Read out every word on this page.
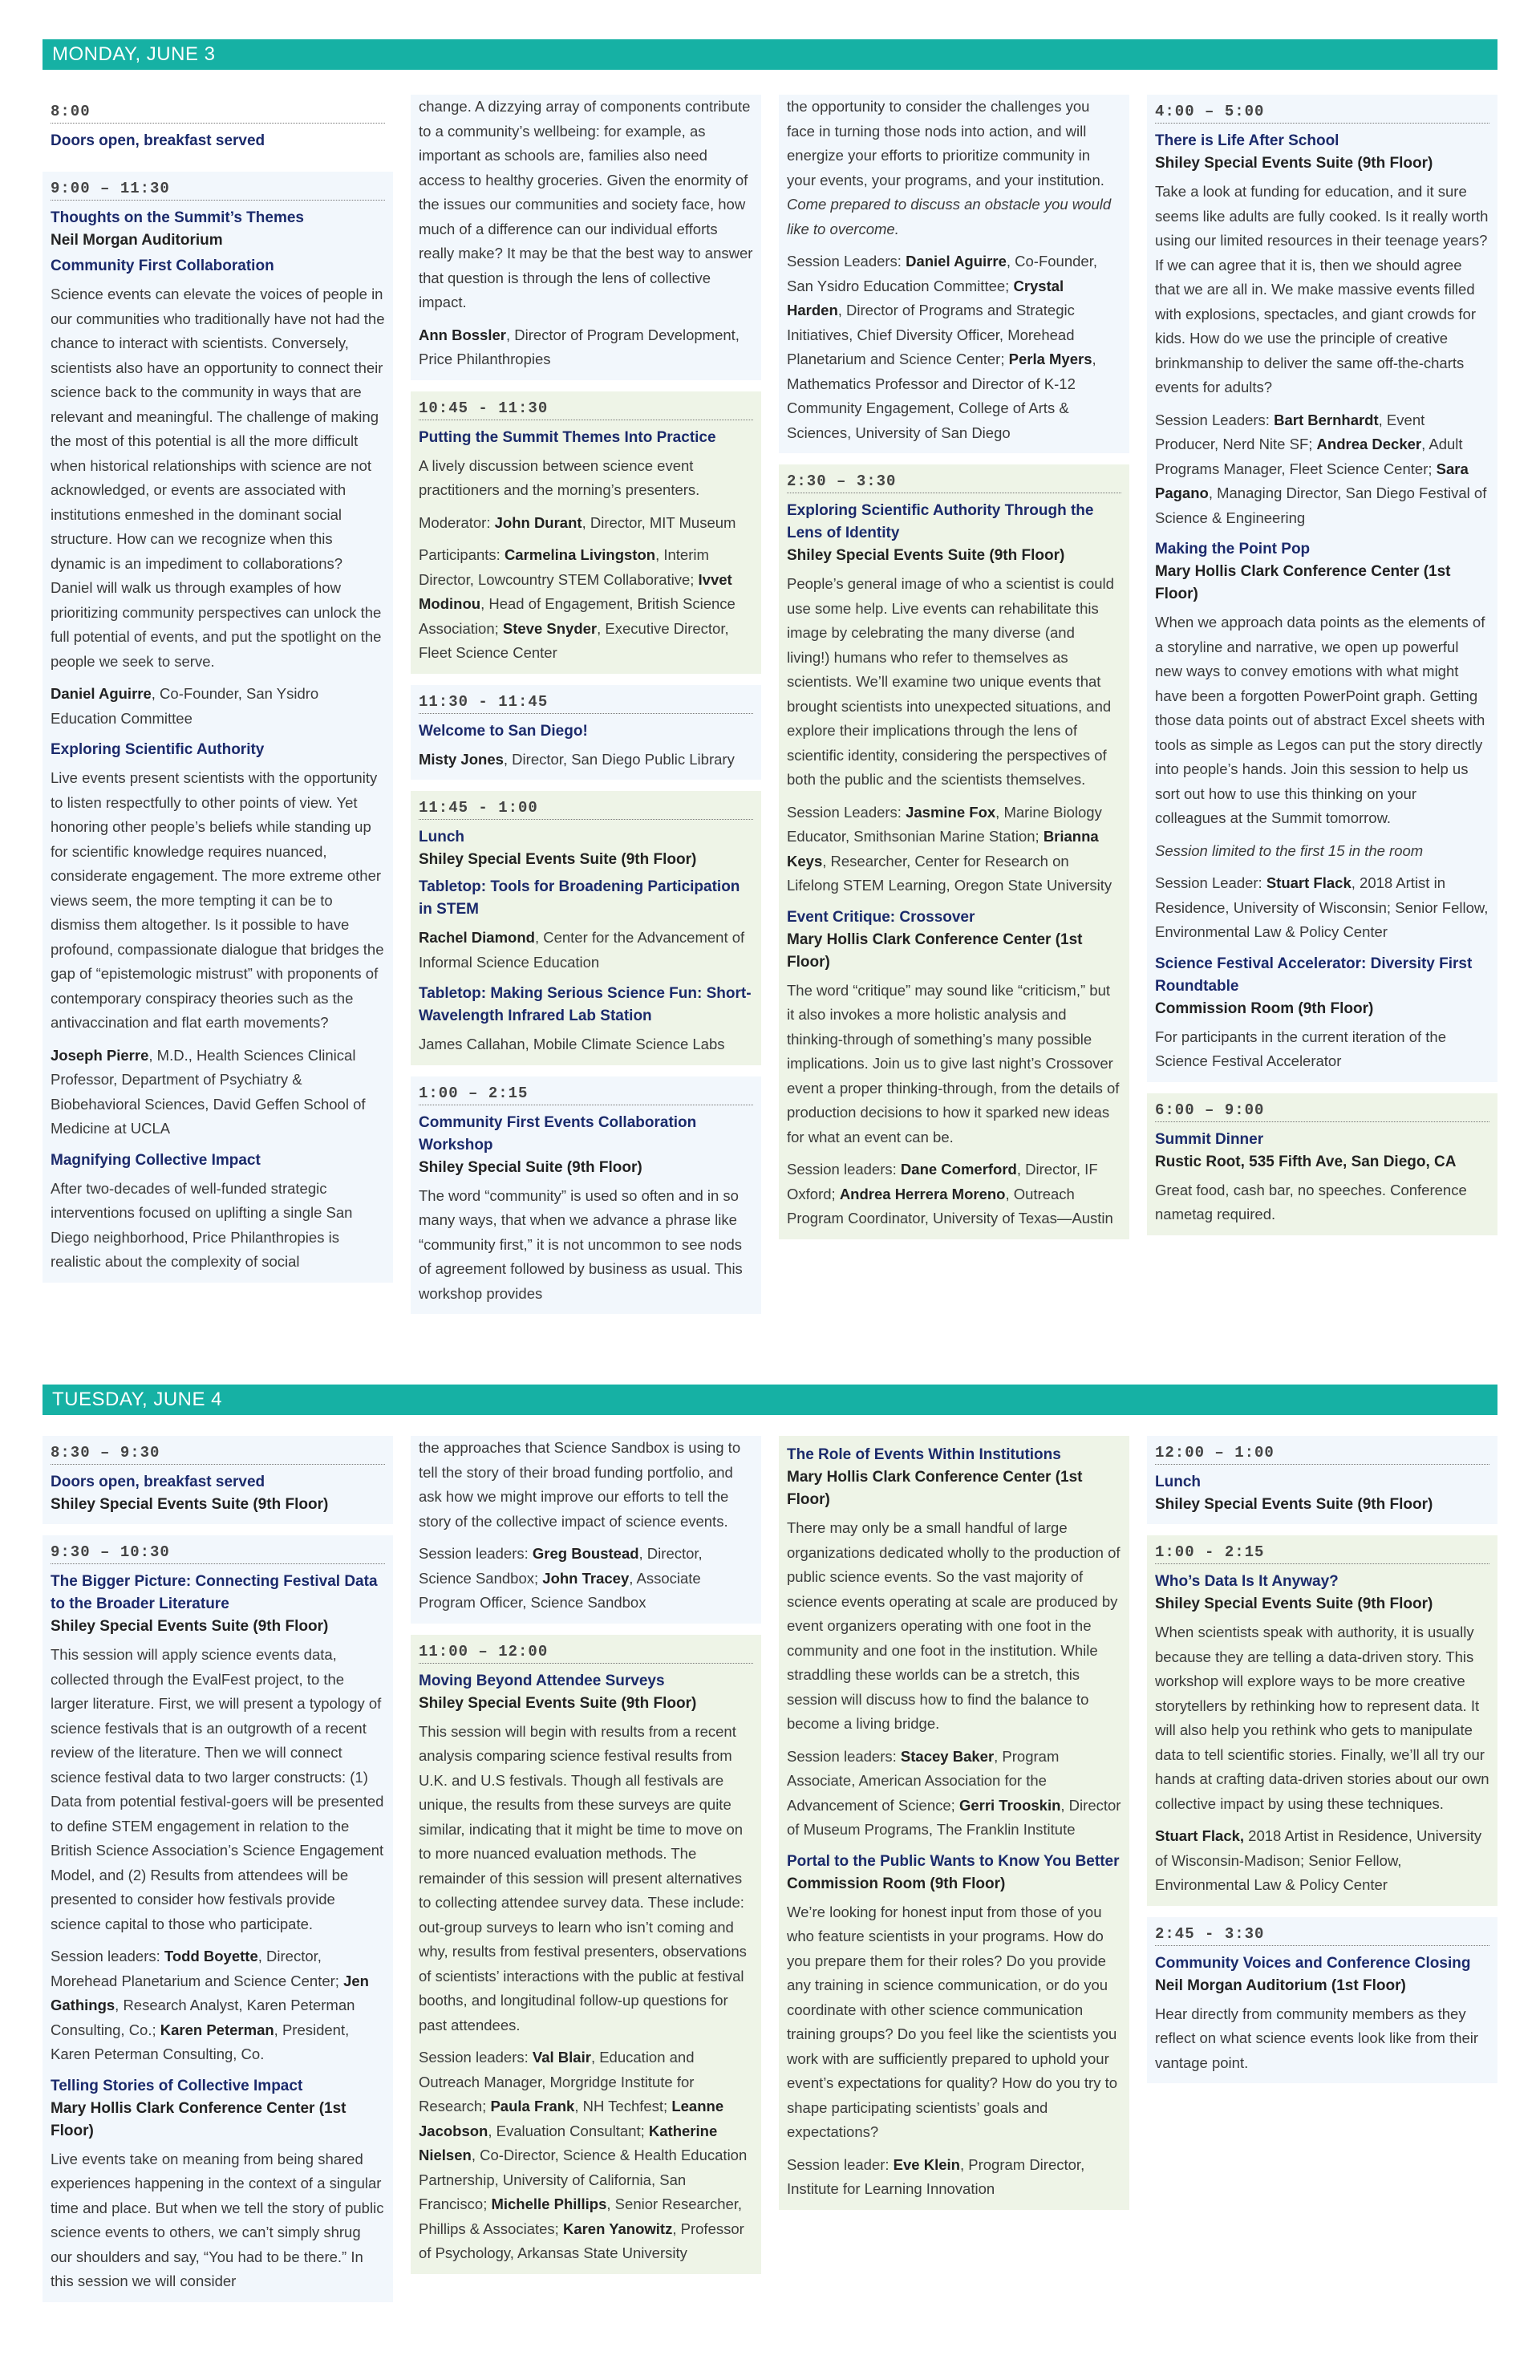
MONDAY, JUNE 3
8:00
Doors open, breakfast served
9:00 – 11:30
Thoughts on the Summit’s Themes
Neil Morgan Auditorium
Community First Collaboration

Science events can elevate the voices of people in our communities who traditionally have not had the chance to interact with scientists. Conversely, scientists also have an opportunity to connect their science back to the community in ways that are relevant and meaningful. The challenge of making the most of this potential is all the more difficult when historical relationships with science are not acknowledged, or events are associated with institutions enmeshed in the dominant social structure. How can we recognize when this dynamic is an impediment to collaborations? Daniel will walk us through examples of how prioritizing community perspectives can unlock the full potential of events, and put the spotlight on the people we seek to serve.

Daniel Aguirre, Co-Founder, San Ysidro Education Committee

Exploring Scientific Authority

Live events present scientists with the opportunity to listen respectfully to other points of view. Yet honoring other people’s beliefs while standing up for scientific knowledge requires nuanced, considerate engagement. The more extreme other views seem, the more tempting it can be to dismiss them altogether. Is it possible to have profound, compassionate dialogue that bridges the gap of “epistemologic mistrust” with proponents of contemporary conspiracy theories such as the antivaccination and flat earth movements?

Joseph Pierre, M.D., Health Sciences Clinical Professor, Department of Psychiatry & Biobehavioral Sciences, David Geffen School of Medicine at UCLA

Magnifying Collective Impact

After two-decades of well-funded strategic interventions focused on uplifting a single San Diego neighborhood, Price Philanthropies is realistic about the complexity of social

change. A dizzying array of components contribute to a community’s wellbeing: for example, as important as schools are, families also need access to healthy groceries. Given the enormity of the issues our communities and society face, how much of a difference can our individual efforts really make? It may be that the best way to answer that question is through the lens of collective impact.

Ann Bossler, Director of Program Development, Price Philanthropies

10:45 - 11:30
Putting the Summit Themes Into Practice

A lively discussion between science event practitioners and the morning’s presenters.

Moderator: John Durant, Director, MIT Museum

Participants: Carmelina Livingston, Interim Director, Lowcountry STEM Collaborative; Ivvet Modinou, Head of Engagement, British Science Association; Steve Snyder, Executive Director, Fleet Science Center

11:30 - 11:45
Welcome to San Diego!

Misty Jones, Director, San Diego Public Library

11:45 - 1:00
Lunch
Shiley Special Events Suite (9th Floor)
Tabletop: Tools for Broadening Participation in STEM

Rachel Diamond, Center for the Advancement of Informal Science Education

Tabletop: Making Serious Science Fun: Short-Wavelength Infrared Lab Station

James Callahan, Mobile Climate Science Labs

1:00 – 2:15
Community First Events Collaboration Workshop
Shiley Special Suite (9th Floor)

The word “community” is used so often and in so many ways, that when we advance a phrase like “community first,” it is not uncommon to see nods of agreement followed by business as usual. This workshop provides

the opportunity to consider the challenges you face in turning those nods into action, and will energize your efforts to prioritize community in your events, your programs, and your institution. Come prepared to discuss an obstacle you would like to overcome.

Session Leaders: Daniel Aguirre, Co-Founder, San Ysidro Education Committee; Crystal Harden, Director of Programs and Strategic Initiatives, Chief Diversity Officer, Morehead Planetarium and Science Center; Perla Myers, Mathematics Professor and Director of K-12 Community Engagement, College of Arts & Sciences, University of San Diego

2:30 – 3:30
Exploring Scientific Authority Through the Lens of Identity
Shiley Special Events Suite (9th Floor)

People’s general image of who a scientist is could use some help. Live events can rehabilitate this image by celebrating the many diverse (and living!) humans who refer to themselves as scientists. We’ll examine two unique events that brought scientists into unexpected situations, and explore their implications through the lens of scientific identity, considering the perspectives of both the public and the scientists themselves.

Session Leaders: Jasmine Fox, Marine Biology Educator, Smithsonian Marine Station; Brianna Keys, Researcher, Center for Research on Lifelong STEM Learning, Oregon State University

Event Critique: Crossover
Mary Hollis Clark Conference Center (1st Floor)

The word “critique” may sound like “criticism,” but it also invokes a more holistic analysis and thinking-through of something’s many possible implications. Join us to give last night’s Crossover event a proper thinking-through, from the details of production decisions to how it sparked new ideas for what an event can be.

Session leaders: Dane Comerford, Director, IF Oxford; Andrea Herrera Moreno, Outreach Program Coordinator, University of Texas—Austin

4:00 – 5:00
There is Life After School
Shiley Special Events Suite (9th Floor)

Take a look at funding for education, and it sure seems like adults are fully cooked. Is it really worth using our limited resources in their teenage years? If we can agree that it is, then we should agree that we are all in. We make massive events filled with explosions, spectacles, and giant crowds for kids. How do we use the principle of creative brinkmanship to deliver the same off-the-charts events for adults?

Session Leaders: Bart Bernhardt, Event Producer, Nerd Nite SF; Andrea Decker, Adult Programs Manager, Fleet Science Center; Sara Pagano, Managing Director, San Diego Festival of Science & Engineering

Making the Point Pop
Mary Hollis Clark Conference Center (1st Floor)

When we approach data points as the elements of a storyline and narrative, we open up powerful new ways to convey emotions with what might have been a forgotten PowerPoint graph. Getting those data points out of abstract Excel sheets with tools as simple as Legos can put the story directly into people’s hands. Join this session to help us sort out how to use this thinking on your colleagues at the Summit tomorrow.

Session limited to the first 15 in the room

Session Leader: Stuart Flack, 2018 Artist in Residence, University of Wisconsin; Senior Fellow, Environmental Law & Policy Center

Science Festival Accelerator: Diversity First Roundtable
Commission Room (9th Floor)

For participants in the current iteration of the Science Festival Accelerator

6:00 – 9:00
Summit Dinner
Rustic Root, 535 Fifth Ave, San Diego, CA

Great food, cash bar, no speeches. Conference nametag required.

TUESDAY, JUNE 4
8:30 – 9:30
Doors open, breakfast served
Shiley Special Events Suite (9th Floor)
9:30 – 10:30
The Bigger Picture: Connecting Festival Data to the Broader Literature
Shiley Special Events Suite (9th Floor)

This session will apply science events data, collected through the EvalFest project, to the larger literature. First, we will present a typology of science festivals that is an outgrowth of a recent review of the literature. Then we will connect science festival data to two larger constructs: (1) Data from potential festival-goers will be presented to define STEM engagement in relation to the British Science Association’s Science Engagement Model, and (2) Results from attendees will be presented to consider how festivals provide science capital to those who participate.

Session leaders: Todd Boyette, Director, Morehead Planetarium and Science Center; Jen Gathings, Research Analyst, Karen Peterman Consulting, Co.; Karen Peterman, President, Karen Peterman Consulting, Co.

Telling Stories of Collective Impact
Mary Hollis Clark Conference Center (1st Floor)

Live events take on meaning from being shared experiences happening in the context of a singular time and place. But when we tell the story of public science events to others, we can’t simply shrug our shoulders and say, “You had to be there.” In this session we will consider

the approaches that Science Sandbox is using to tell the story of their broad funding portfolio, and ask how we might improve our efforts to tell the story of the collective impact of science events.

Session leaders: Greg Boustead, Director, Science Sandbox; John Tracey, Associate Program Officer, Science Sandbox

11:00 – 12:00
Moving Beyond Attendee Surveys
Shiley Special Events Suite (9th Floor)

This session will begin with results from a recent analysis comparing science festival results from U.K. and U.S festivals. Though all festivals are unique, the results from these surveys are quite similar, indicating that it might be time to move on to more nuanced evaluation methods. The remainder of this session will present alternatives to collecting attendee survey data. These include: out-group surveys to learn who isn’t coming and why, results from festival presenters, observations of scientists’ interactions with the public at festival booths, and longitudinal follow-up questions for past attendees.

Session leaders: Val Blair, Education and Outreach Manager, Morgridge Institute for Research; Paula Frank, NH Techfest; Leanne Jacobson, Evaluation Consultant; Katherine Nielsen, Co-Director, Science & Health Education Partnership, University of California, San Francisco; Michelle Phillips, Senior Researcher, Phillips & Associates; Karen Yanowitz, Professor of Psychology, Arkansas State University

The Role of Events Within Institutions
Mary Hollis Clark Conference Center (1st Floor)

There may only be a small handful of large organizations dedicated wholly to the production of public science events. So the vast majority of science events operating at scale are produced by event organizers operating with one foot in the community and one foot in the institution. While straddling these worlds can be a stretch, this session will discuss how to find the balance to become a living bridge.

Session leaders: Stacey Baker, Program Associate, American Association for the Advancement of Science; Gerri Trooskin, Director of Museum Programs, The Franklin Institute

Portal to the Public Wants to Know You Better
Commission Room (9th Floor)

We’re looking for honest input from those of you who feature scientists in your programs. How do you prepare them for their roles? Do you provide any training in science communication, or do you coordinate with other science communication training groups? Do you feel like the scientists you work with are sufficiently prepared to uphold your event’s expectations for quality? How do you try to shape participating scientists’ goals and expectations?

Session leader: Eve Klein, Program Director, Institute for Learning Innovation

12:00 – 1:00
Lunch
Shiley Special Events Suite (9th Floor)
1:00 - 2:15
Who’s Data Is It Anyway?
Shiley Special Events Suite (9th Floor)

When scientists speak with authority, it is usually because they are telling a data-driven story. This workshop will explore ways to be more creative storytellers by rethinking how to represent data. It will also help you rethink who gets to manipulate data to tell scientific stories. Finally, we’ll all try our hands at crafting data-driven stories about our own collective impact by using these techniques.

Stuart Flack, 2018 Artist in Residence, University of Wisconsin-Madison; Senior Fellow, Environmental Law & Policy Center

2:45 - 3:30
Community Voices and Conference Closing
Neil Morgan Auditorium (1st Floor)

Hear directly from community members as they reflect on what science events look like from their vantage point.
